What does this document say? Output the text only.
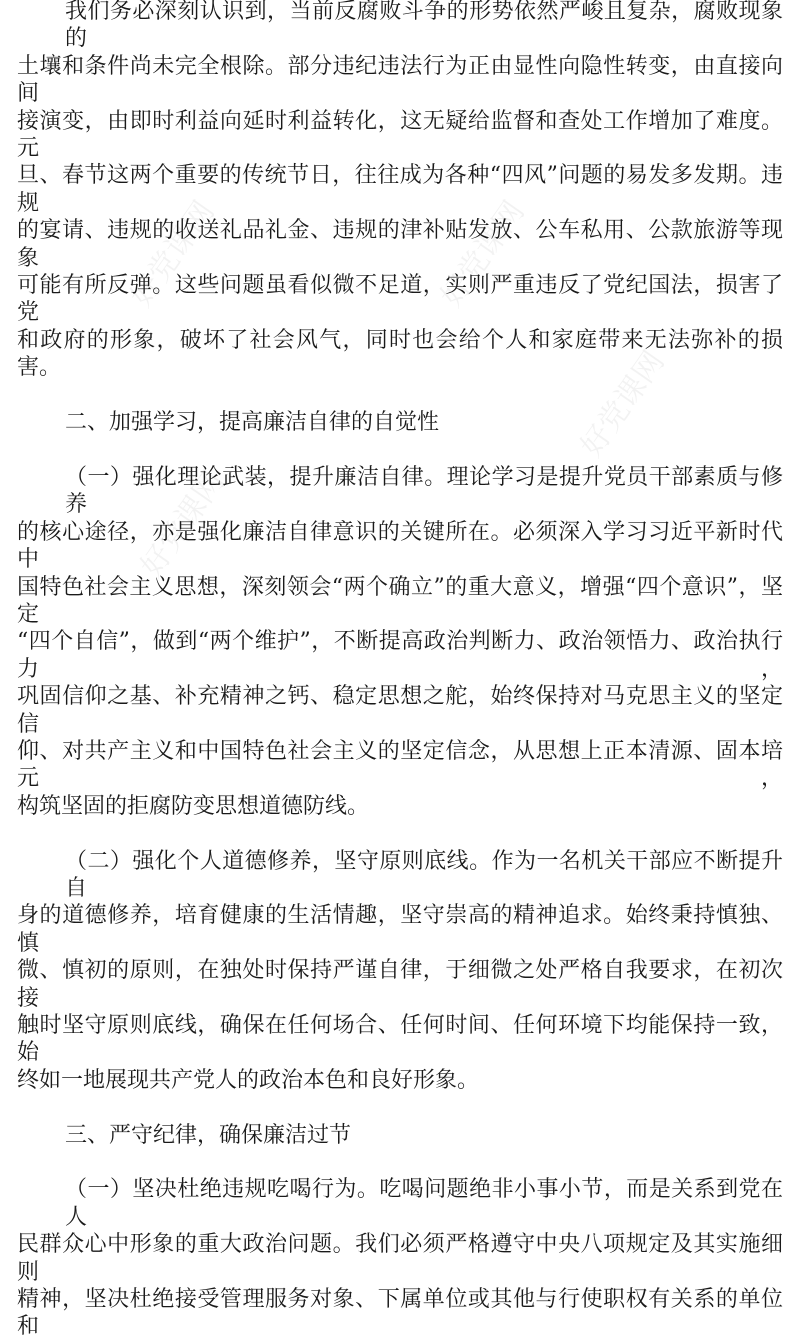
好党课网	好党课网
好党课网
好党课网
我们务必深刻认识到，当前反腐败斗争的形势依然严峻且复杂，腐败现象的
土壤和条件尚未完全根除。部分违纪违法行为正由显性向隐性转变，由直接向间
接演变，由即时利益向延时利益转化，这无疑给监督和查处工作增加了难度。元
旦、春节这两个重要的传统节日，往往成为各种“四风”问题的易发多发期。违规
的宴请、违规的收送礼品礼金、违规的津补贴发放、公车私用、公款旅游等现象
可能有所反弹。这些问题虽看似微不足道，实则严重违反了党纪国法，损害了党
和政府的形象，破坏了社会风气，同时也会给个人和家庭带来无法弥补的损害。
二、加强学习，提高廉洁自律的自觉性
（一）强化理论武装，提升廉洁自律。理论学习是提升党员干部素质与修养
的核心途径，亦是强化廉洁自律意识的关键所在。必须深入学习习近平新时代中
国特色社会主义思想，深刻领会“两个确立”的重大意义，增强“四个意识”，坚定
“四个自信”，做到“两个维护”，不断提高政治判断力、政治领悟力、政治执行力，
巩固信仰之基、补充精神之钙、稳定思想之舵，始终保持对马克思主义的坚定信
仰、对共产主义和中国特色社会主义的坚定信念，从思想上正本清源、固本培元，
构筑坚固的拒腐防变思想道德防线。
（二）强化个人道德修养，坚守原则底线。作为一名机关干部应不断提升自
身的道德修养，培育健康的生活情趣，坚守崇高的精神追求。始终秉持慎独、慎
微、慎初的原则，在独处时保持严谨自律，于细微之处严格自我要求，在初次接
触时坚守原则底线，确保在任何场合、任何时间、任何环境下均能保持一致，始
终如一地展现共产党人的政治本色和良好形象。
三、严守纪律，确保廉洁过节
（一）坚决杜绝违规吃喝行为。吃喝问题绝非小事小节，而是关系到党在人
民群众心中形象的重大政治问题。我们必须严格遵守中央八项规定及其实施细则
精神，坚决杜绝接受管理服务对象、下属单位或其他与行使职权有关系的单位和
